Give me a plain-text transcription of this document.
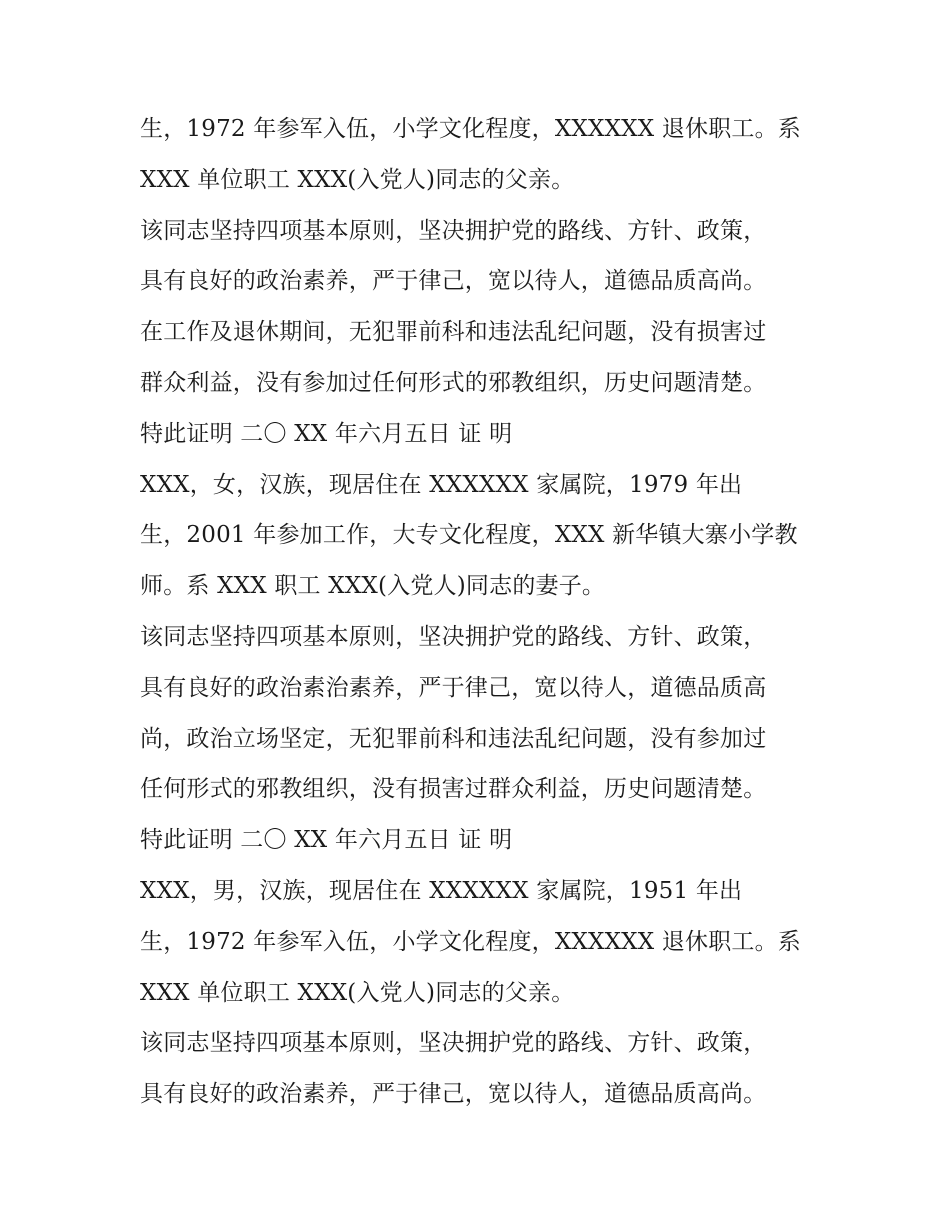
生，1972 年参军入伍，小学文化程度，XXXXXX 退休职工。系
XXX 单位职工 XXX(入党人)同志的父亲。
该同志坚持四项基本原则，坚决拥护党的路线、方针、政策，
具有良好的政治素养，严于律己，宽以待人，道德品质高尚。
在工作及退休期间，无犯罪前科和违法乱纪问题，没有损害过
群众利益，没有参加过任何形式的邪教组织，历史问题清楚。
特此证明 二〇 XX 年六月五日 证 明
XXX，女，汉族，现居住在 XXXXXX 家属院，1979 年出
生，2001 年参加工作，大专文化程度，XXX 新华镇大寨小学教
师。系 XXX 职工 XXX(入党人)同志的妻子。
该同志坚持四项基本原则，坚决拥护党的路线、方针、政策，
具有良好的政治素治素养，严于律己，宽以待人，道德品质高
尚，政治立场坚定，无犯罪前科和违法乱纪问题，没有参加过
任何形式的邪教组织，没有损害过群众利益，历史问题清楚。
特此证明 二〇 XX 年六月五日 证 明
XXX，男，汉族，现居住在 XXXXXX 家属院，1951 年出
生，1972 年参军入伍，小学文化程度，XXXXXX 退休职工。系
XXX 单位职工 XXX(入党人)同志的父亲。
该同志坚持四项基本原则，坚决拥护党的路线、方针、政策，
具有良好的政治素养，严于律己，宽以待人，道德品质高尚。
